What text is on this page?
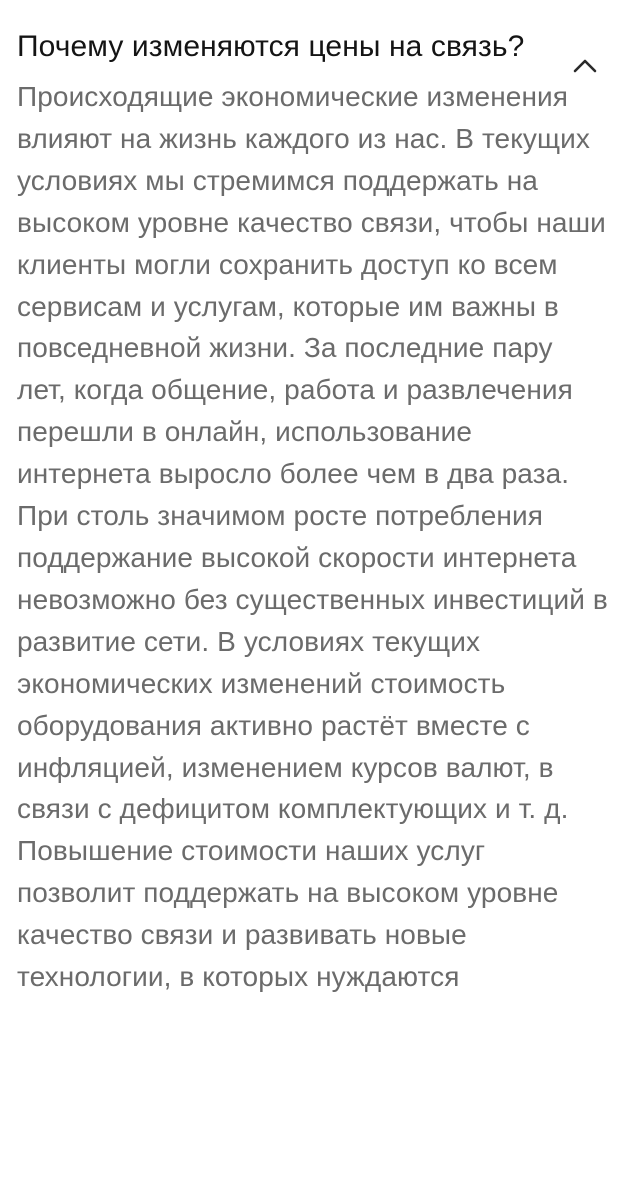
Почему изменяются цены на связь?

Происходящие экономические изменения влияют на жизнь каждого из нас. В текущих условиях мы стремимся поддержать на высоком уровне качество связи, чтобы наши клиенты могли сохранить доступ ко всем сервисам и услугам, которые им важны в повседневной жизни. За последние пару лет, когда общение, работа и развлечения перешли в онлайн, использование интернета выросло более чем в два раза. При столь значимом росте потребления поддержание высокой скорости интернета невозможно без существенных инвестиций в развитие сети. В условиях текущих экономических изменений стоимость оборудования активно растёт вместе с инфляцией, изменением курсов валют, в связи с дефицитом комплектующих и т. д. Повышение стоимости наших услуг позволит поддержать на высоком уровне качество связи и развивать новые технологии, в которых нуждаются
